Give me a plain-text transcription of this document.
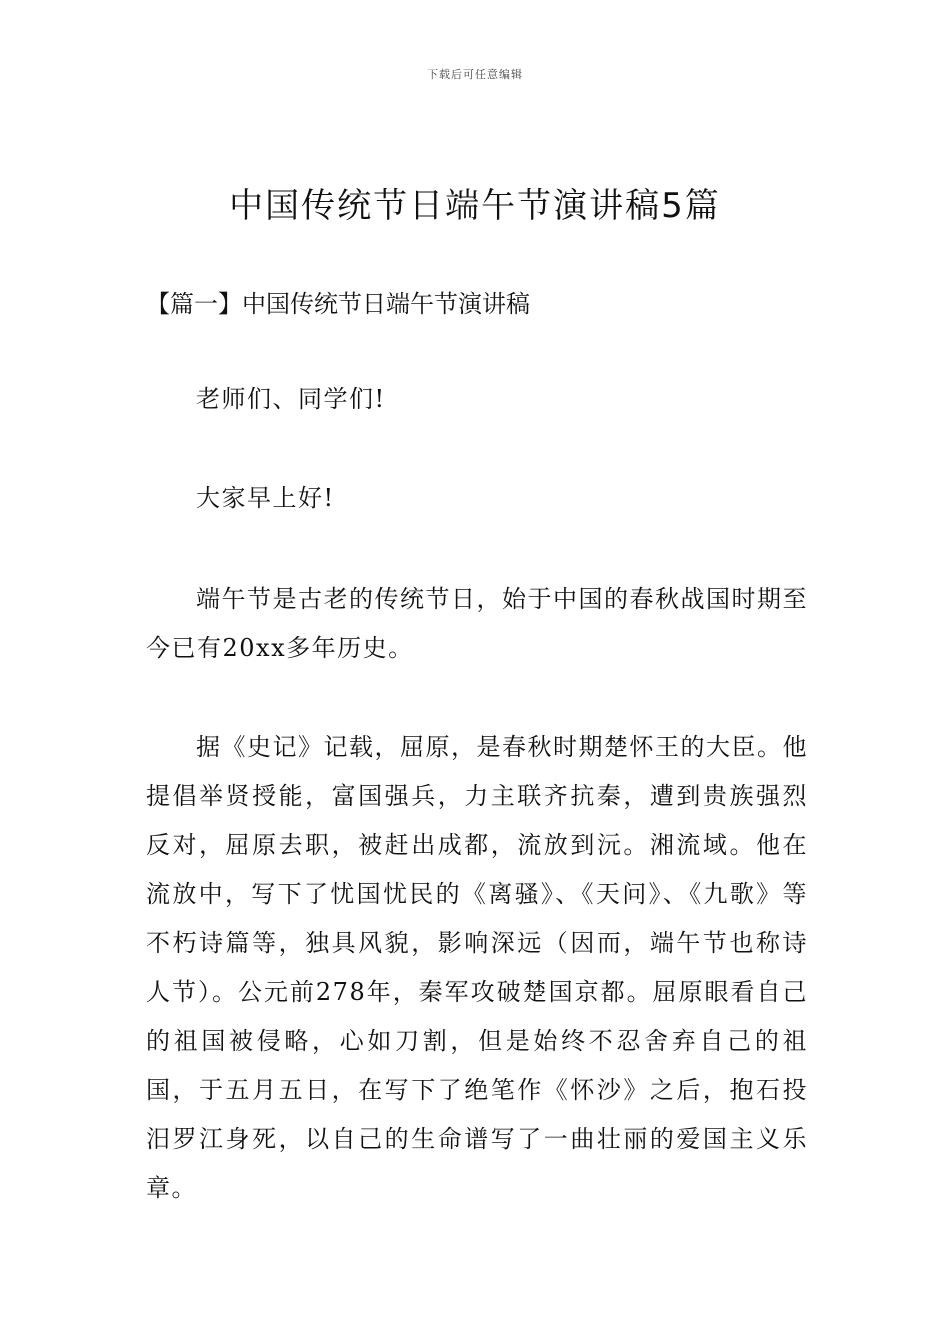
下载后可任意编辑
中国传统节日端午节演讲稿5篇
【篇一】中国传统节日端午节演讲稿

老师们、同学们!

大家早上好!

端午节是古老的传统节日，始于中国的春秋战国时期至今已有20xx多年历史。

据《史记》记载，屈原，是春秋时期楚怀王的大臣。他提倡举贤授能，富国强兵，力主联齐抗秦，遭到贵族强烈反对，屈原去职，被赶出成都，流放到沅。湘流域。他在流放中，写下了忧国忧民的《离骚》、《天问》、《九歌》等不朽诗篇等，独具风貌，影响深远（因而，端午节也称诗人节）。公元前278年，秦军攻破楚国京都。屈原眼看自己的祖国被侵略，心如刀割，但是始终不忍舍弃自己的祖国，于五月五日，在写下了绝笔作《怀沙》之后，抱石投汨罗江身死，以自己的生命谱写了一曲壮丽的爱国主义乐章。
